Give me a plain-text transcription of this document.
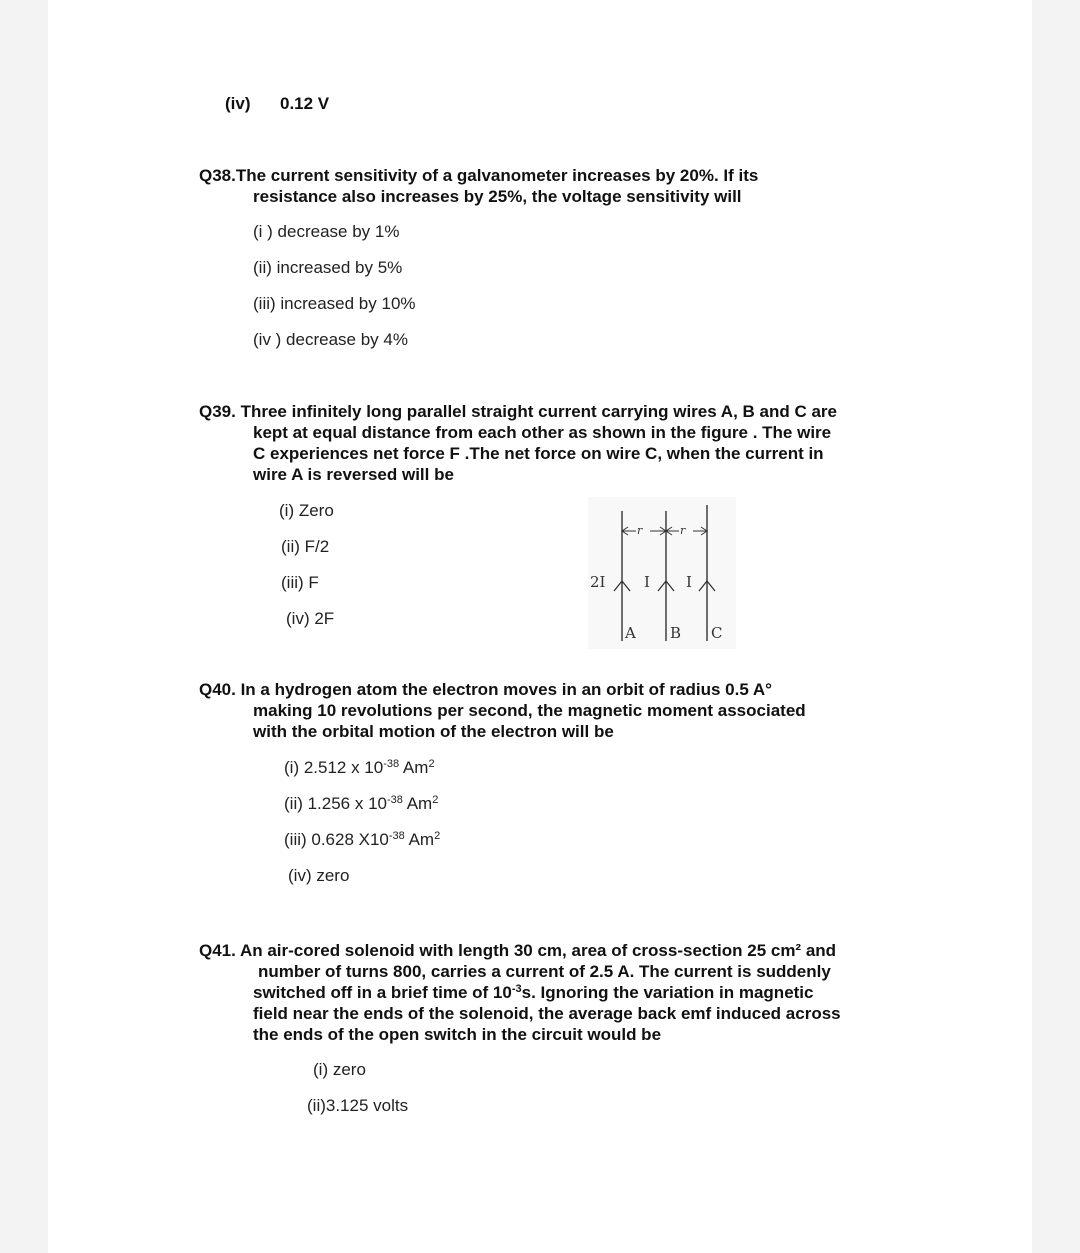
(iv) 0.12 V
Q38.The current sensitivity of a galvanometer increases by 20%. If its
resistance also increases by 25%, the voltage sensitivity will
(i ) decrease by 1%
(ii) increased by 5%
(iii) increased by 10%
(iv ) decrease by 4%
Q39. Three infinitely long parallel straight current carrying wires A, B and C are
kept at equal distance from each other as shown in the figure . The wire
C experiences net force F .The net force on wire C, when the current in
wire A is reversed will be
(i) Zero
(ii) F/2
(iii) F
(iv) 2F
r	r
2I	I I
A B C
Q40. In a hydrogen atom the electron moves in an orbit of radius 0.5 A°
making 10 revolutions per second, the magnetic moment associated
with the orbital motion of the electron will be
(i) 2.512 x $10^{-38}$ Am$^2$
(ii) 1.256 x $10^{-38}$ Am$^2$
(iii) 0.628 $X10^{-38}$ Am$^2$
(iv) zero
Q41. An air-cored solenoid with length 30 cm, area of cross-section 25 cm² and
number of turns 800, carries a current of 2.5 A. The current is suddenly
switched off in a brief time of $10^{-3}s$. Ignoring the variation in magnetic
field near the ends of the solenoid, the average back emf induced across
the ends of the open switch in the circuit would be
(i) zero
(ii)3.125 volts
